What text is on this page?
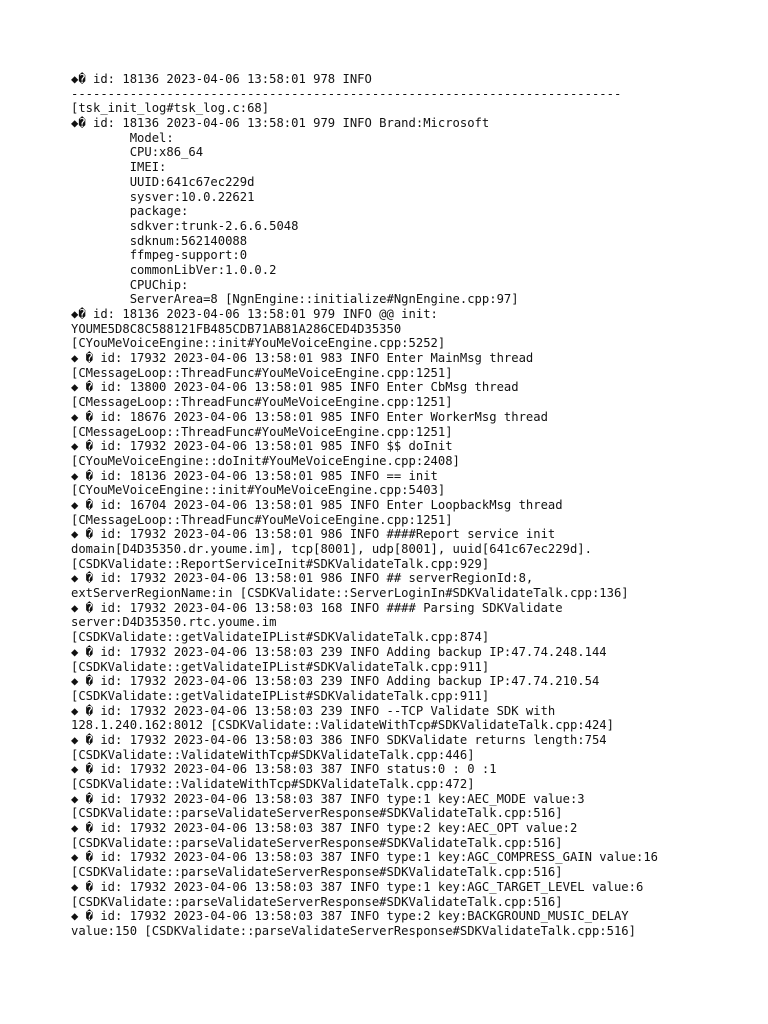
◆� id: 18136 2023-04-06 13:58:01 978 INFO
---------------------------------------------------------------------------
[tsk_init_log#tsk_log.c:68]
◆� id: 18136 2023-04-06 13:58:01 979 INFO Brand:Microsoft
Model:
CPU:x86_64
IMEI:
UUID:641c67ec229d
sysver:10.0.22621
package:
sdkver:trunk-2.6.6.5048
sdknum:562140088
ffmpeg-support:0
commonLibVer:1.0.0.2
CPUChip:
ServerArea=8 [NgnEngine::initialize#NgnEngine.cpp:97]
◆� id: 18136 2023-04-06 13:58:01 979 INFO @@ init:
YOUME5D8C8C588121FB485CDB71AB81A286CED4D35350
[CYouMeVoiceEngine::init#YouMeVoiceEngine.cpp:5252]
◆ � id: 17932 2023-04-06 13:58:01 983 INFO Enter MainMsg thread
[CMessageLoop::ThreadFunc#YouMeVoiceEngine.cpp:1251]
◆ � id: 13800 2023-04-06 13:58:01 985 INFO Enter CbMsg thread
[CMessageLoop::ThreadFunc#YouMeVoiceEngine.cpp:1251]
◆ � id: 18676 2023-04-06 13:58:01 985 INFO Enter WorkerMsg thread
[CMessageLoop::ThreadFunc#YouMeVoiceEngine.cpp:1251]
◆ � id: 17932 2023-04-06 13:58:01 985 INFO $$ doInit
[CYouMeVoiceEngine::doInit#YouMeVoiceEngine.cpp:2408]
◆ � id: 18136 2023-04-06 13:58:01 985 INFO == init
[CYouMeVoiceEngine::init#YouMeVoiceEngine.cpp:5403]
◆ � id: 16704 2023-04-06 13:58:01 985 INFO Enter LoopbackMsg thread
[CMessageLoop::ThreadFunc#YouMeVoiceEngine.cpp:1251]
◆ � id: 17932 2023-04-06 13:58:01 986 INFO ####Report service init
domain[D4D35350.dr.youme.im], tcp[8001], udp[8001], uuid[641c67ec229d].
[CSDKValidate::ReportServiceInit#SDKValidateTalk.cpp:929]
◆ � id: 17932 2023-04-06 13:58:01 986 INFO ## serverRegionId:8,
extServerRegionName:in [CSDKValidate::ServerLoginIn#SDKValidateTalk.cpp:136]
◆ � id: 17932 2023-04-06 13:58:03 168 INFO #### Parsing SDKValidate
server:D4D35350.rtc.youme.im
[CSDKValidate::getValidateIPList#SDKValidateTalk.cpp:874]
◆ � id: 17932 2023-04-06 13:58:03 239 INFO Adding backup IP:47.74.248.144
[CSDKValidate::getValidateIPList#SDKValidateTalk.cpp:911]
◆ � id: 17932 2023-04-06 13:58:03 239 INFO Adding backup IP:47.74.210.54
[CSDKValidate::getValidateIPList#SDKValidateTalk.cpp:911]
◆ � id: 17932 2023-04-06 13:58:03 239 INFO --TCP Validate SDK with
128.1.240.162:8012 [CSDKValidate::ValidateWithTcp#SDKValidateTalk.cpp:424]
◆ � id: 17932 2023-04-06 13:58:03 386 INFO SDKValidate returns length:754
[CSDKValidate::ValidateWithTcp#SDKValidateTalk.cpp:446]
◆ � id: 17932 2023-04-06 13:58:03 387 INFO status:0 : 0 :1
[CSDKValidate::ValidateWithTcp#SDKValidateTalk.cpp:472]
◆ � id: 17932 2023-04-06 13:58:03 387 INFO type:1 key:AEC_MODE value:3
[CSDKValidate::parseValidateServerResponse#SDKValidateTalk.cpp:516]
◆ � id: 17932 2023-04-06 13:58:03 387 INFO type:2 key:AEC_OPT value:2
[CSDKValidate::parseValidateServerResponse#SDKValidateTalk.cpp:516]
◆ � id: 17932 2023-04-06 13:58:03 387 INFO type:1 key:AGC_COMPRESS_GAIN value:16
[CSDKValidate::parseValidateServerResponse#SDKValidateTalk.cpp:516]
◆ � id: 17932 2023-04-06 13:58:03 387 INFO type:1 key:AGC_TARGET_LEVEL value:6
[CSDKValidate::parseValidateServerResponse#SDKValidateTalk.cpp:516]
◆ � id: 17932 2023-04-06 13:58:03 387 INFO type:2 key:BACKGROUND_MUSIC_DELAY
value:150 [CSDKValidate::parseValidateServerResponse#SDKValidateTalk.cpp:516]
